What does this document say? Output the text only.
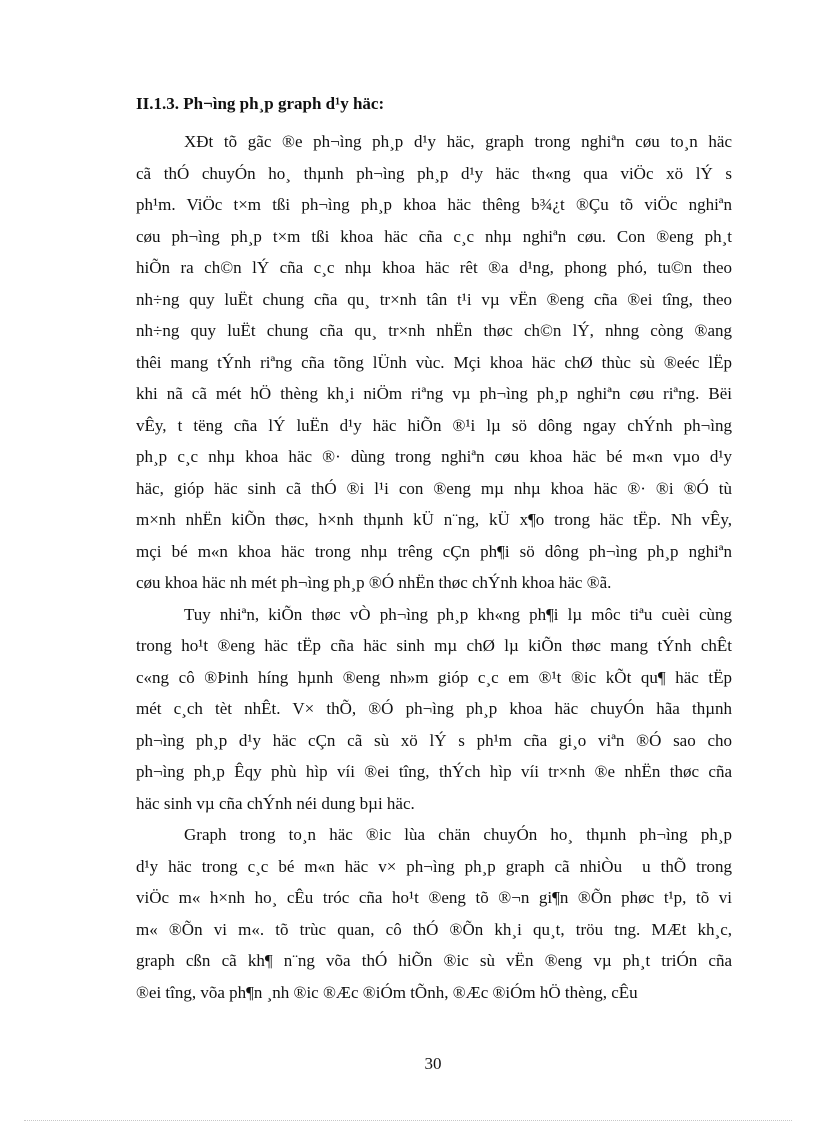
II.1.3. Ph¬ìng ph¸p graph d¹y häc:
XÐt tõ gãc ®e ph¬ìng ph¸p d¹y häc, graph trong nghiªn cøu to¸n häc
cã thÓ chuyÓn ho¸ thµnh ph¬ìng ph¸p d¹y häc th«ng qua viÖc xö lÝ s
ph¹m. ViÖc t×m tßi ph¬ìng ph¸p khoa häc thêng b¾¿t ®Çu tõ viÖc nghiªn
cøu ph¬ìng ph¸p t×m tßi khoa häc cña c¸c nhµ nghiªn cøu. Con ®eng ph¸t
hiÕn ra ch©n lÝ cña c¸c nhµ khoa häc rêt ®a d¹ng, phong phó, tu©n theo
nh÷ng quy luËt chung cña qu¸ tr×nh tân t¹i vµ vËn ®eng cña ®ei tîng, theo
nh÷ng quy luËt chung cña qu¸ tr×nh nhËn thøc ch©n lÝ, nhng còng ®ang
thêi mang tÝnh riªng cña tõng lÜnh vùc. Mçi khoa häc chØ thùc sù ®eéc lËp
khi nã cã mét hÖ thèng kh¸i niÖm riªng vµ ph¬ìng ph¸p nghiªn cøu riªng. Bëi
vÊy, t tëng cña lÝ luËn d¹y häc hiÕn ®¹i lµ sö dông ngay chÝnh ph¬ìng
ph¸p c¸c nhµ khoa häc ®· dùng trong nghiªn cøu khoa häc bé m«n vµo d¹y
häc, gióp häc sinh cã thÓ ®i l¹i con ®eng mµ nhµ khoa häc ®· ®i ®Ó tù
m×nh nhËn kiÕn thøc, h×nh thµnh kÜ n¨ng, kÜ x¶o trong häc tËp. Nh vÊy,
mçi bé m«n khoa häc trong nhµ trêng cÇn ph¶i sö dông ph¬ìng ph¸p nghiªn
cøu khoa häc nh mét ph¬ìng ph¸p ®Ó nhËn thøc chÝnh khoa häc ®ã.
Tuy nhiªn, kiÕn thøc vÒ ph¬ìng ph¸p kh«ng ph¶i lµ môc tiªu cuèi cùng
trong ho¹t ®eng häc tËp cña häc sinh mµ chØ lµ kiÕn thøc mang tÝnh chÊt
c«ng cô ®Þinh híng hµnh ®eng nh»m gióp c¸c em ®¹t ®ic kÕt qu¶ häc tËp
mét c¸ch tèt nhÊt. V× thÕ, ®Ó ph¬ìng ph¸p khoa häc chuyÓn hãa thµnh
ph¬ìng ph¸p d¹y häc cÇn cã sù xö lÝ s ph¹m cña gi¸o viªn ®Ó sao cho
ph¬ìng ph¸p Êqy phù hìp víi ®ei tîng, thÝch hìp víi tr×nh ®e nhËn thøc cña
häc sinh vµ cña chÝnh néi dung bµi häc.
Graph trong to¸n häc ®ic lùa chän chuyÓn ho¸ thµnh ph¬ìng ph¸p
d¹y häc trong c¸c bé m«n häc v× ph¬ìng ph¸p graph cã nhiÒu u thÕ trong
viÖc m« h×nh ho¸ cÊu tróc cña ho¹t ®eng tõ ®¬n gi¶n ®Õn phøc t¹p, tõ vi
m« ®Õn vi m«. tõ trùc quan, cô thÓ ®Õn kh¸i qu¸t, tröu tng. MÆt kh¸c,
graph cßn cã kh¶ n¨ng võa thÓ hiÕn ®ic sù vËn ®eng vµ ph¸t triÓn cña
®ei tîng, võa ph¶n ¸nh ®ic ®Æc ®iÓm tÕnh, ®Æc ®iÓm hÖ thèng, cÊu
30
